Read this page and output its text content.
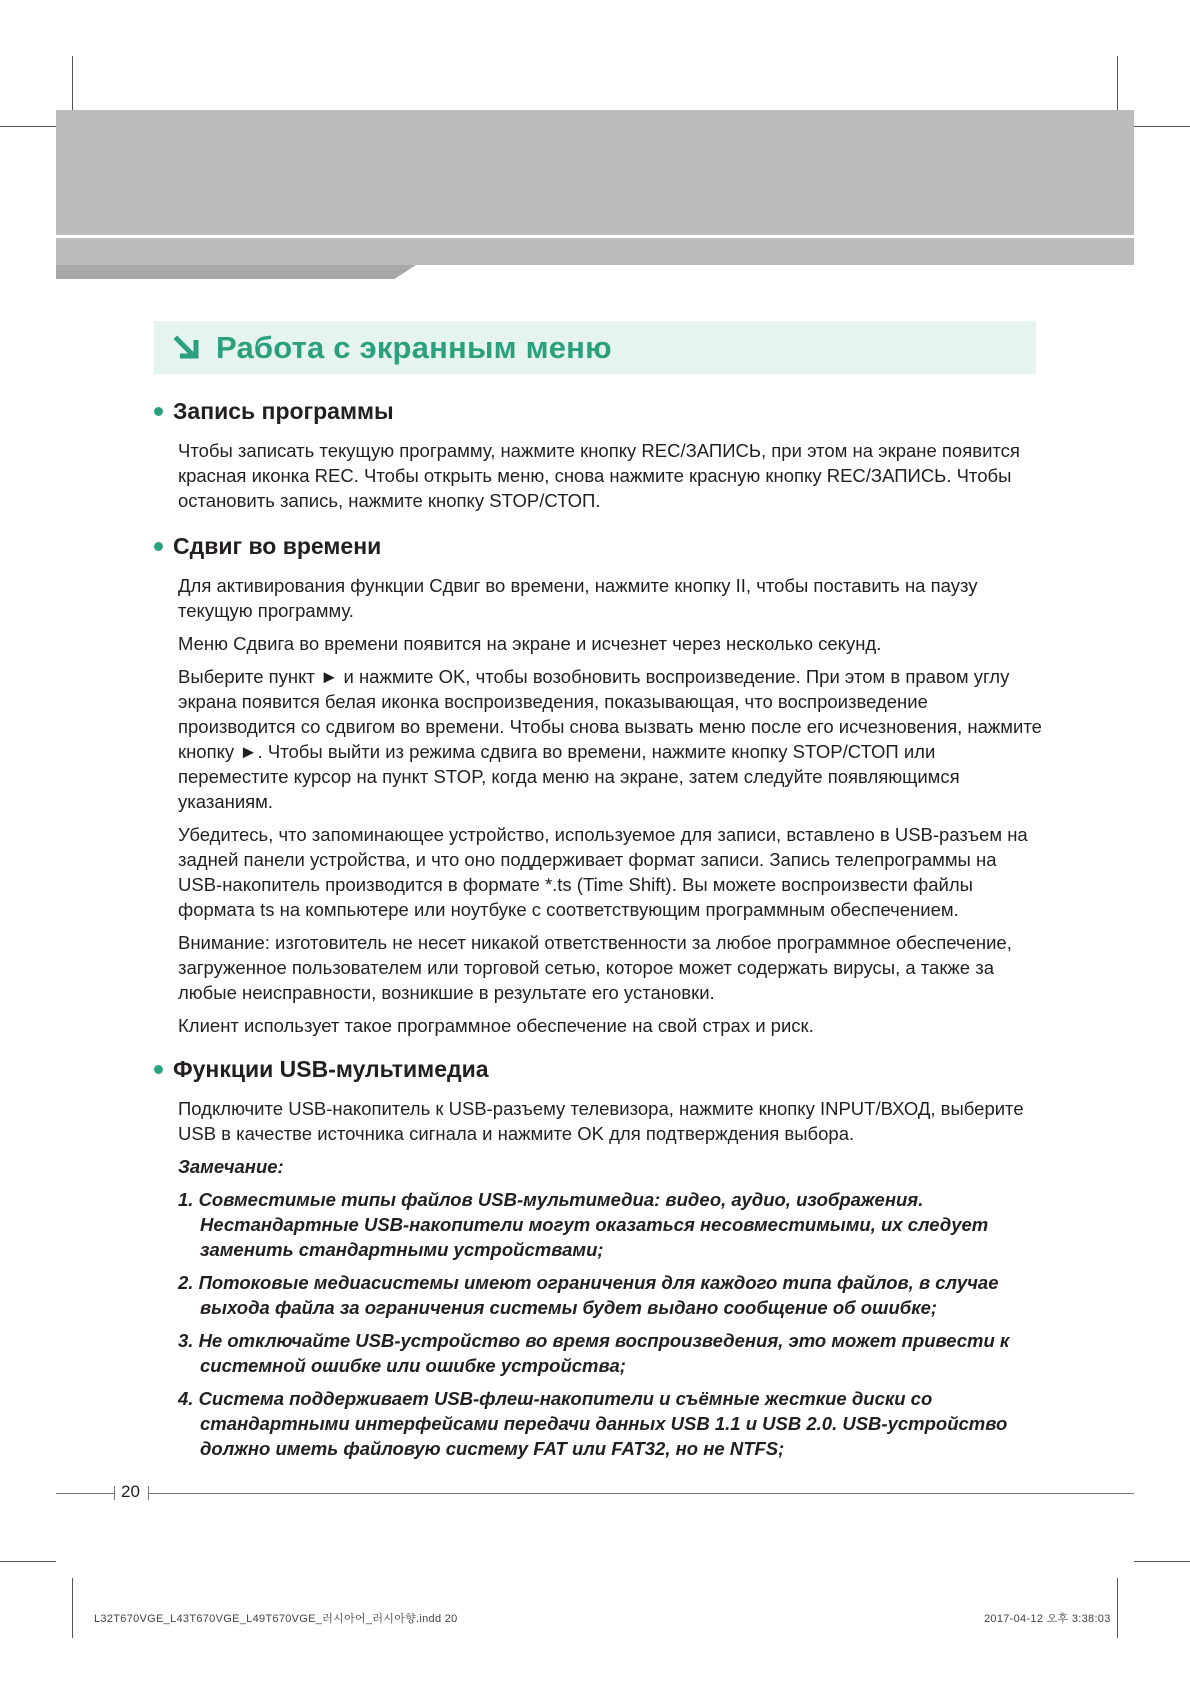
Работа с экранным меню
Запись программы

Чтобы записать текущую программу, нажмите кнопку REC/ЗАПИСЬ, при этом на экране появится красная иконка REC. Чтобы открыть меню, снова нажмите красную кнопку REC/ЗАПИСЬ. Чтобы остановить запись, нажмите кнопку STOP/СТОП.

Сдвиг во времени

Для активирования функции Сдвиг во времени, нажмите кнопку II, чтобы поставить на паузу текущую программу.

Меню Сдвига во времени появится на экране и исчезнет через несколько секунд.

Выберите пункт ► и нажмите OK, чтобы возобновить воспроизведение. При этом в правом углу экрана появится белая иконка воспроизведения, показывающая, что воспроизведение производится со сдвигом во времени. Чтобы снова вызвать меню после его исчезновения, нажмите кнопку ►. Чтобы выйти из режима сдвига во времени, нажмите кнопку STOP/СТОП или переместите курсор на пункт STOP, когда меню на экране, затем следуйте появляющимся указаниям.

Убедитесь, что запоминающее устройство, используемое для записи, вставлено в USB-разъем на задней панели устройства, и что оно поддерживает формат записи. Запись телепрограммы на USB-накопитель производится в формате *.ts (Time Shift). Вы можете воспроизвести файлы формата ts на компьютере или ноутбуке с соответствующим программным обеспечением.

Внимание: изготовитель не несет никакой ответственности за любое программное обеспечение, загруженное пользователем или торговой сетью, которое может содержать вирусы, а также за любые неисправности, возникшие в результате его установки.

Клиент использует такое программное обеспечение на свой страх и риск.

Функции USB-мультимедиа

Подключите USB-накопитель к USB-разъему телевизора, нажмите кнопку INPUT/ВХОД, выберите USB в качестве источника сигнала и нажмите OK для подтверждения выбора.

Замечание:

1. Совместимые типы файлов USB-мультимедиа: видео, аудио, изображения. Нестандартные USB-накопители могут оказаться несовместимыми, их следует заменить стандартными устройствами;

2. Потоковые медиасистемы имеют ограничения для каждого типа файлов, в случае выхода файла за ограничения системы будет выдано сообщение об ошибке;

3. Не отключайте USB-устройство во время воспроизведения, это может привести к системной ошибке или ошибке устройства;

4. Система поддерживает USB-флеш-накопители и съёмные жесткие диски со стандартными интерфейсами передачи данных USB 1.1 и USB 2.0. USB-устройство должно иметь файловую систему FAT или FAT32, но не NTFS;

20
L32T670VGE_L43T670VGE_L49T670VGE_러시아어_러시아향.indd 20	2017-04-12 오후 3:38:03
